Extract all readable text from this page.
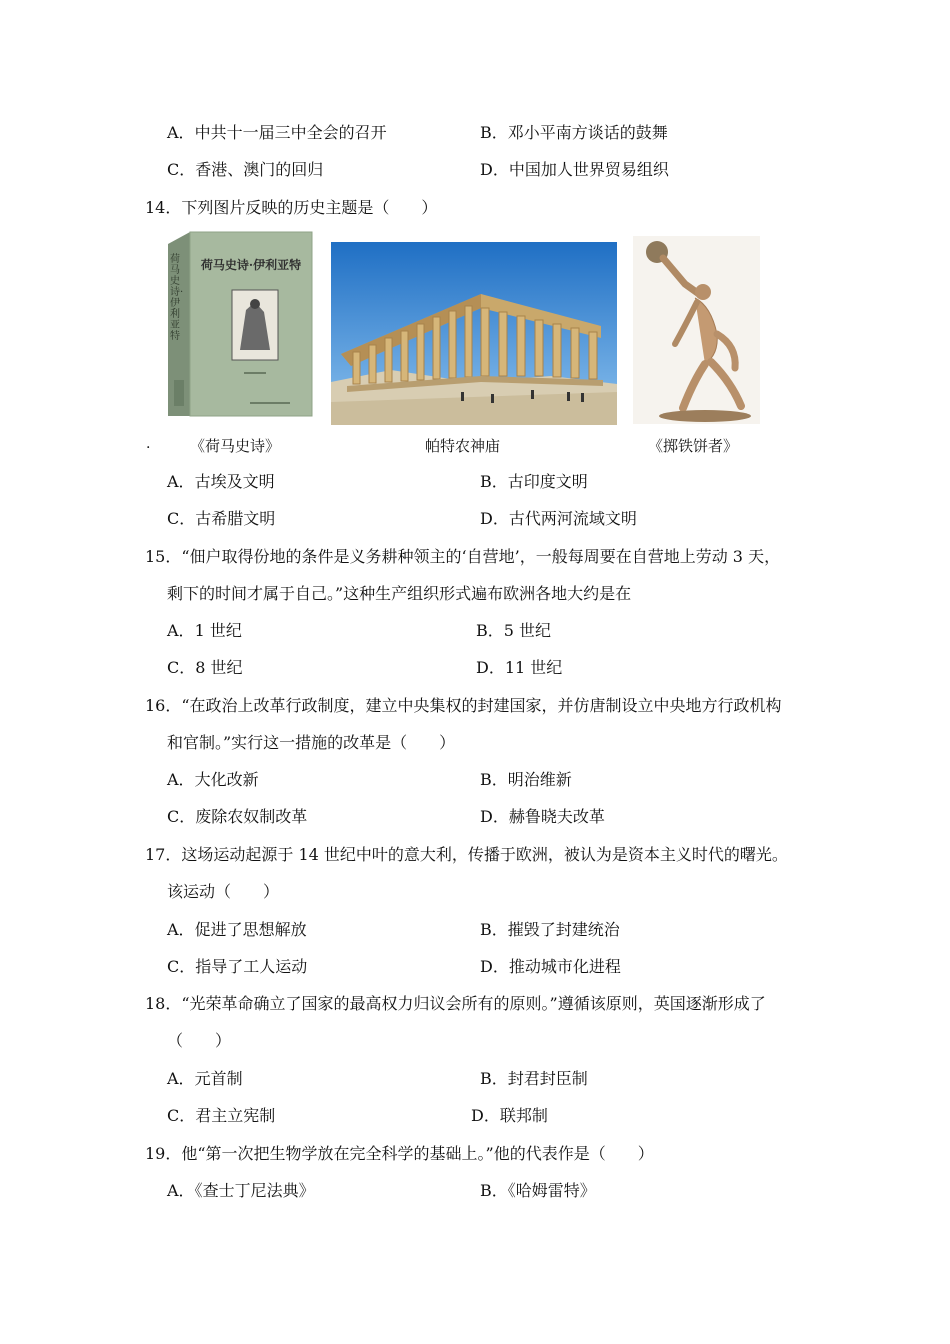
A．中共十一届三中全会的召开	B．邓小平南方谈话的鼓舞
C．香港、澳门的回归	D．中国加人世界贸易组织
14．下列图片反映的历史主题是（　　）
荷马史诗·伊利亚特
荷马史诗·伊利亚特
.	《荷马史诗》	帕特农神庙	《掷铁饼者》
A．古埃及文明	B．古印度文明
C．古希腊文明	D．古代两河流域文明
15．“佃户取得份地的条件是义务耕种领主的‘自营地’，一般每周要在自营地上劳动 3 天，
剩下的时间才属于自己。”这种生产组织形式遍布欧洲各地大约是在
A．1 世纪	B．5 世纪
C．8 世纪	D．11 世纪
16．“在政治上改革行政制度，建立中央集权的封建国家，并仿唐制设立中央地方行政机构
和官制。”实行这一措施的改革是（　　）
A．大化改新	B．明治维新
C．废除农奴制改革	D．赫鲁晓夫改革
17．这场运动起源于 14 世纪中叶的意大利，传播于欧洲，被认为是资本主义时代的曙光。
该运动（　　）
A．促进了思想解放	B．摧毁了封建统治
C．指导了工人运动	D．推动城市化进程
18．“光荣革命确立了国家的最高权力归议会所有的原则。”遵循该原则，英国逐渐形成了
（　　）
A．元首制	B．封君封臣制
C．君主立宪制	D．联邦制
19．他“第一次把生物学放在完全科学的基础上。”他的代表作是（　　）
A．《查士丁尼法典》	B．《哈姆雷特》
